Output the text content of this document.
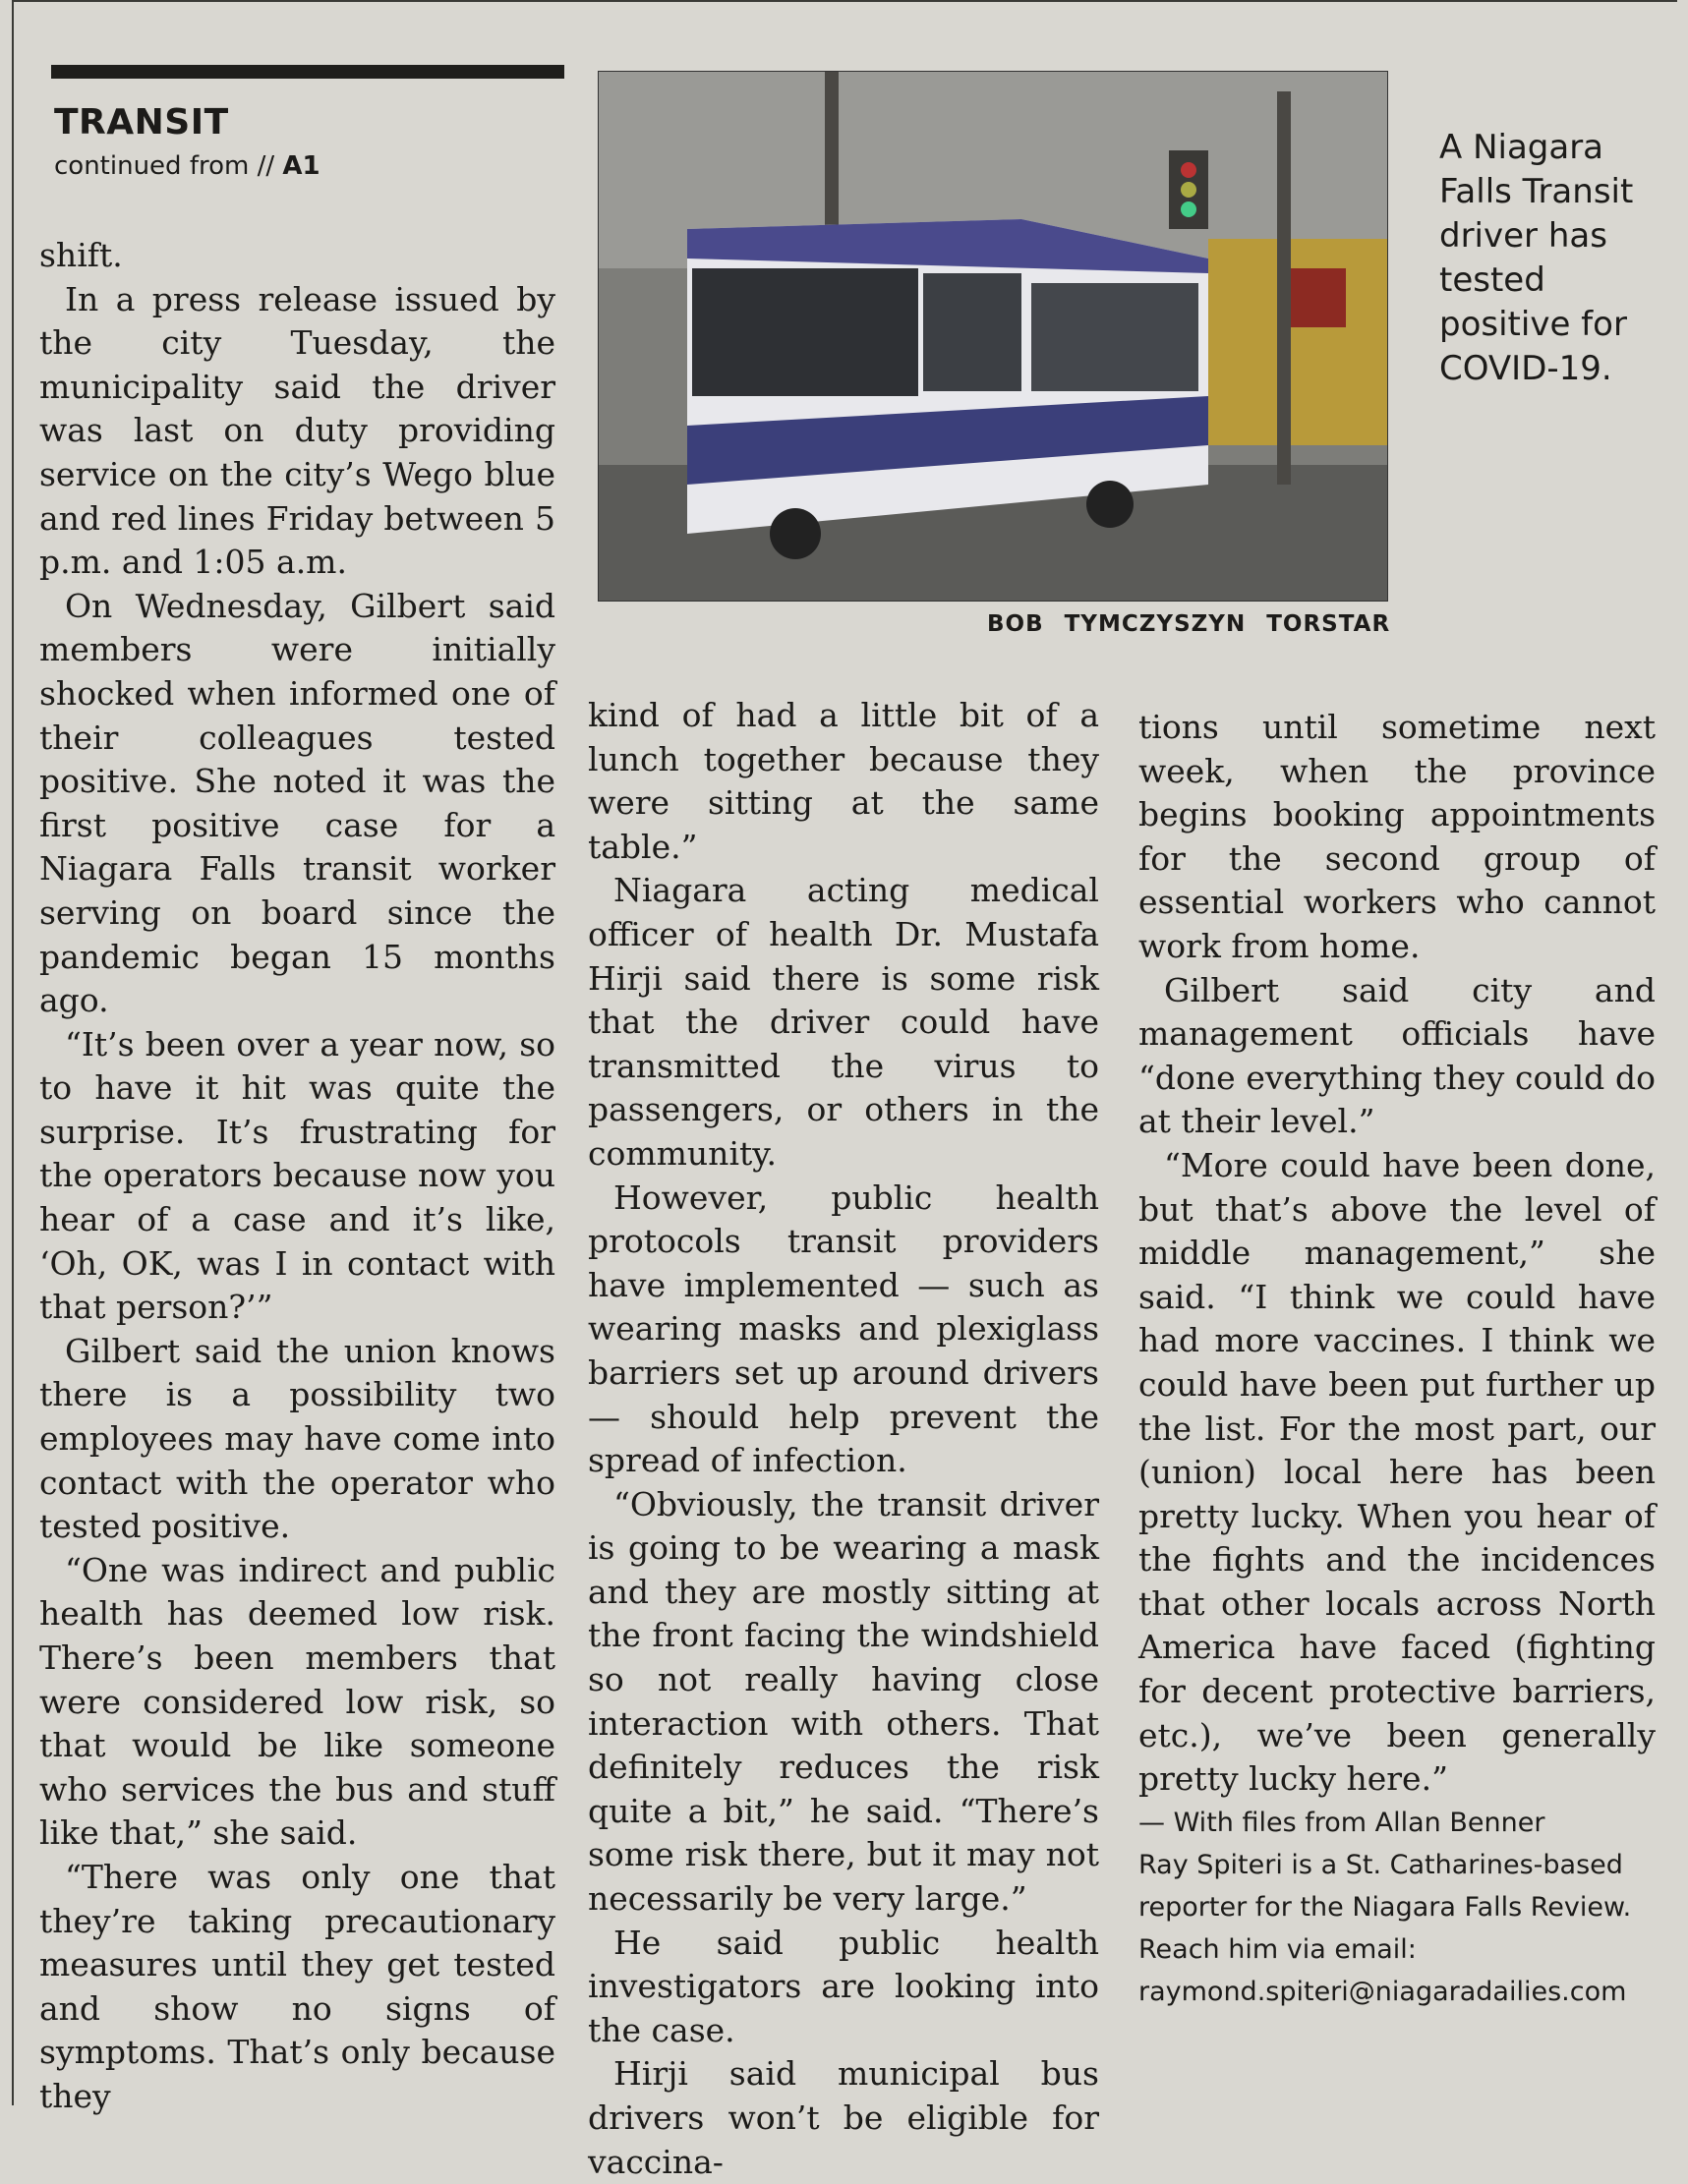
TRANSIT
continued from // A1	A Niagara Falls Transit driver has tested positive for COVID-19.
BOB TYMCZYSZYN TORSTAR

shift.

In a press release issued by the city Tuesday, the municipality said the driver was last on duty providing service on the city’s Wego blue and red lines Friday between 5 p.m. and 1:05 a.m.

On Wednesday, Gilbert said members were initially shocked when informed one of their colleagues tested positive. She noted it was the first positive case for a Niagara Falls transit worker serving on board since the pandemic began 15 months ago.

“It’s been over a year now, so to have it hit was quite the surprise. It’s frustrating for the operators because now you hear of a case and it’s like, ‘Oh, OK, was I in contact with that person?’”

Gilbert said the union knows there is a possibility two employees may have come into contact with the operator who tested positive.

“One was indirect and public health has deemed low risk. There’s been members that were considered low risk, so that would be like someone who services the bus and stuff like that,” she said.

“There was only one that they’re taking precautionary measures until they get tested and show no signs of symptoms. That’s only because they

kind of had a little bit of a lunch together because they were sitting at the same table.”

Niagara acting medical officer of health Dr. Mustafa Hirji said there is some risk that the driver could have transmitted the virus to passengers, or others in the community.

However, public health protocols transit providers have implemented — such as wearing masks and plexiglass barriers set up around drivers — should help prevent the spread of infection.

“Obviously, the transit driver is going to be wearing a mask and they are mostly sitting at the front facing the windshield so not really having close interaction with others. That definitely reduces the risk quite a bit,” he said. “There’s some risk there, but it may not necessarily be very large.”

He said public health investigators are looking into the case.

Hirji said municipal bus drivers won’t be eligible for vaccina-

tions until sometime next week, when the province begins booking appointments for the second group of essential workers who cannot work from home.

Gilbert said city and management officials have “done everything they could do at their level.”

“More could have been done, but that’s above the level of middle management,” she said. “I think we could have had more vaccines. I think we could have been put further up the list. For the most part, our (union) local here has been pretty lucky. When you hear of the fights and the incidences that other locals across North America have faced (fighting for decent protective barriers, etc.), we’ve been generally pretty lucky here.”

— With files from Allan Benner

Ray Spiteri is a St. Catharines-based reporter for the Niagara Falls Review. Reach him via email: raymond.spiteri@niagaradailies.com
